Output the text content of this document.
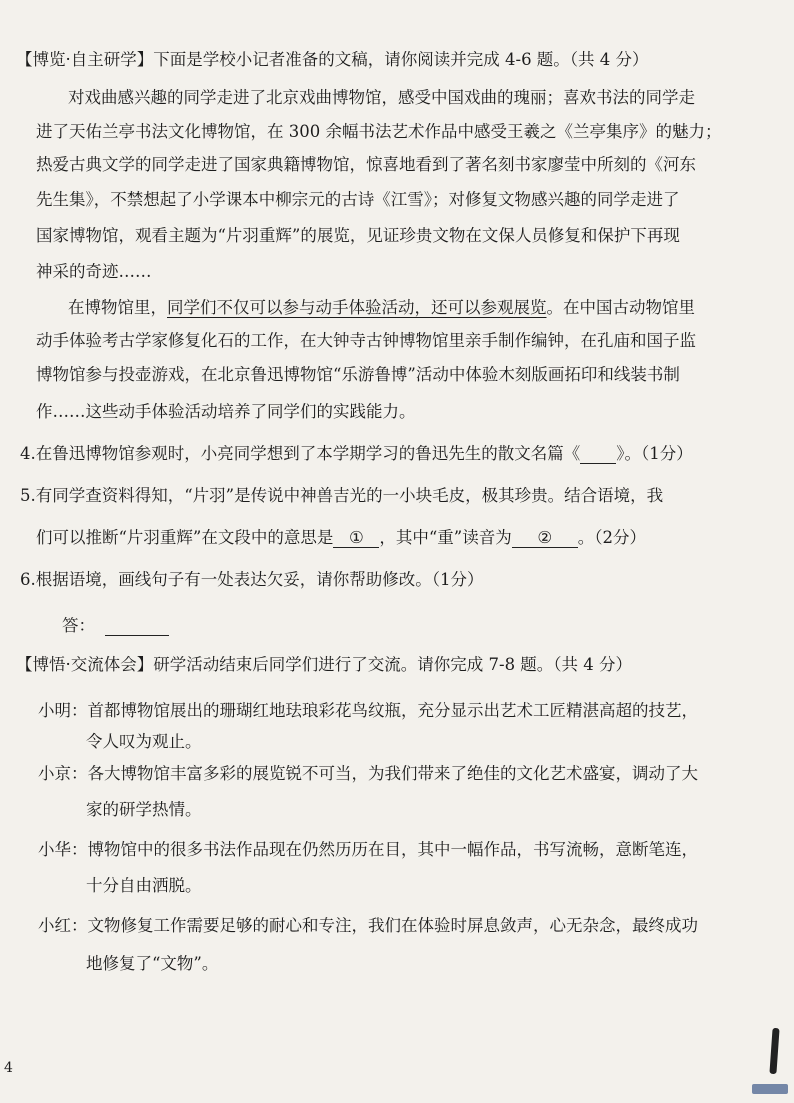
【博览·自主研学】下面是学校小记者准备的文稿，请你阅读并完成 4-6 题。（共 4 分）
对戏曲感兴趣的同学走进了北京戏曲博物馆，感受中国戏曲的瑰丽；喜欢书法的同学走
进了天佑兰亭书法文化博物馆，在 300 余幅书法艺术作品中感受王羲之《兰亭集序》的魅力；
热爱古典文学的同学走进了国家典籍博物馆，惊喜地看到了著名刻书家廖莹中所刻的《河东
先生集》，不禁想起了小学课本中柳宗元的古诗《江雪》；对修复文物感兴趣的同学走进了
国家博物馆，观看主题为“片羽重辉”的展览，见证珍贵文物在文保人员修复和保护下再现
神采的奇迹……
在博物馆里，同学们不仅可以参与动手体验活动，还可以参观展览。在中国古动物馆里
动手体验考古学家修复化石的工作，在大钟寺古钟博物馆里亲手制作编钟，在孔庙和国子监
博物馆参与投壶游戏，在北京鲁迅博物馆“乐游鲁博”活动中体验木刻版画拓印和线装书制
作……这些动手体验活动培养了同学们的实践能力。
4.在鲁迅博物馆参观时，小亮同学想到了本学期学习的鲁迅先生的散文名篇《 》。（1分）
5.有同学查资料得知，“片羽”是传说中神兽吉光的一小块毛皮，极其珍贵。结合语境，我
们可以推断“片羽重辉”在文段中的意思是 ① ，其中“重”读音为 ② 。（2分）
6.根据语境，画线句子有一处表达欠妥，请你帮助修改。（1分）
答：
【博悟·交流体会】研学活动结束后同学们进行了交流。请你完成 7-8 题。（共 4 分）
小明：首都博物馆展出的珊瑚红地珐琅彩花鸟纹瓶，充分显示出艺术工匠精湛高超的技艺，
令人叹为观止。
小京：各大博物馆丰富多彩的展览锐不可当，为我们带来了绝佳的文化艺术盛宴，调动了大
家的研学热情。
小华：博物馆中的很多书法作品现在仍然历历在目，其中一幅作品，书写流畅，意断笔连，
十分自由洒脱。
小红：文物修复工作需要足够的耐心和专注，我们在体验时屏息敛声，心无杂念，最终成功
地修复了“文物”。
4
